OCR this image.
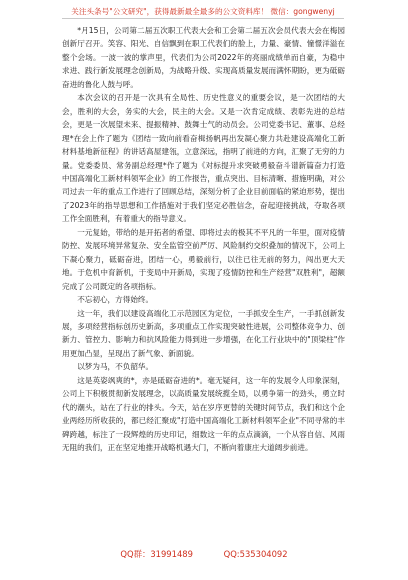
关注头条号"公文研究"，获得最新最全最多的公文资料库！ 微信：gongwenyj

*月15日，公司第二届五次职工代表大会和工会第二届五次会员代表大会在梅园创新厅召开。笑容、阳光、自信飘到在职工代表们的脸上，力量、豪情、憧憬洋溢在整个会场。一波一波的掌声里，代表们为公司2022年的亮丽成绩单而自豪，为稳中求进、践行新发展理念创新局，为战略升级、实现高质量发展而满怀期盼，更为砥砺奋进的鲁化人鼓与呼。

本次会议的召开是一次具有全局性、历史性意义的重要会议，是一次团结的大会，胜利的大会，务实的大会，民主的大会。又是一次肯定成绩、表彰先进的总结会，更是一次展望未来、提振精神、鼓舞士气的动员会。公司党委书记、董事、总经理*在会上作了题为《团结一致向前看奋楫扬帆再出发凝心聚力共赴建设高端化工新材料基地新征程》的讲话高屋建瓴，立意深远，指明了前进的方向，汇聚了无穷的力量。党委委员、常务副总经理*作了题为《对标提升求突破勇毅奋斗谱新篇奋力打造中国高端化工新材料领军企业》的工作报告，重点突出、目标清晰、措施明确，对公司过去一年的重点工作进行了回顾总结，深刻分析了企业目前面临的紧迫形势，提出了2023年的指导思想和工作措施对于我们坚定必胜信念，奋起迎接挑战，夺取各项工作全面胜利，有着重大的指导意义。

一元复始，带给的是开拓者的希望、即将过去的极其不平凡的一年里，面对疫情防控、发展环境异常复杂、安全监管空前严厉、风险制约交织叠加的情况下，公司上下凝心聚力，砥砺奋进，团结一心，勇毅前行，以往已往无前的努力，闯出更大天地。于危机中育新机，于变局中开新局，实现了疫情防控和生产经营"双胜利"，超额完成了公司既定的各项指标。

不忘初心，方得始终。

这一年，我们以建设高端化工示范园区为定位，一手抓安全生产，一手抓创新发展，多项经营指标创历史新高，多项重点工作实现突破性进展，公司整体竞争力、创新力、管控力、影响力和抗风险能力得到进一步增强，在化工行业块中的"顶梁柱"作用更加凸显，呈现出了新气象、新面貌。

以梦为马，不负韶华。

这是英姿飒爽的*，亦是砥砺奋进的*。毫无疑问，这一年的发展令人印象深刻，公司上下积极贯彻新发展理念，以高质量发展统揽全局，以勇争第一的劲头，勇立时代的潮头，站在了行业的排头。今天，站在岁序更替的关键时间节点，我们和这个企业两经历所收获的，都已经汇聚成"打造中国高端化工新材料领军企业"不同寻常的丰碑跨越，标注了一段辉煌的历史印记，细数这一年的点点滴滴，一个从容自信、风雨无阻的我们，正在坚定地推开战略机遇大门，不断向着康庄大道阔步前进。

QQ群：31991489	QQ:535304092
